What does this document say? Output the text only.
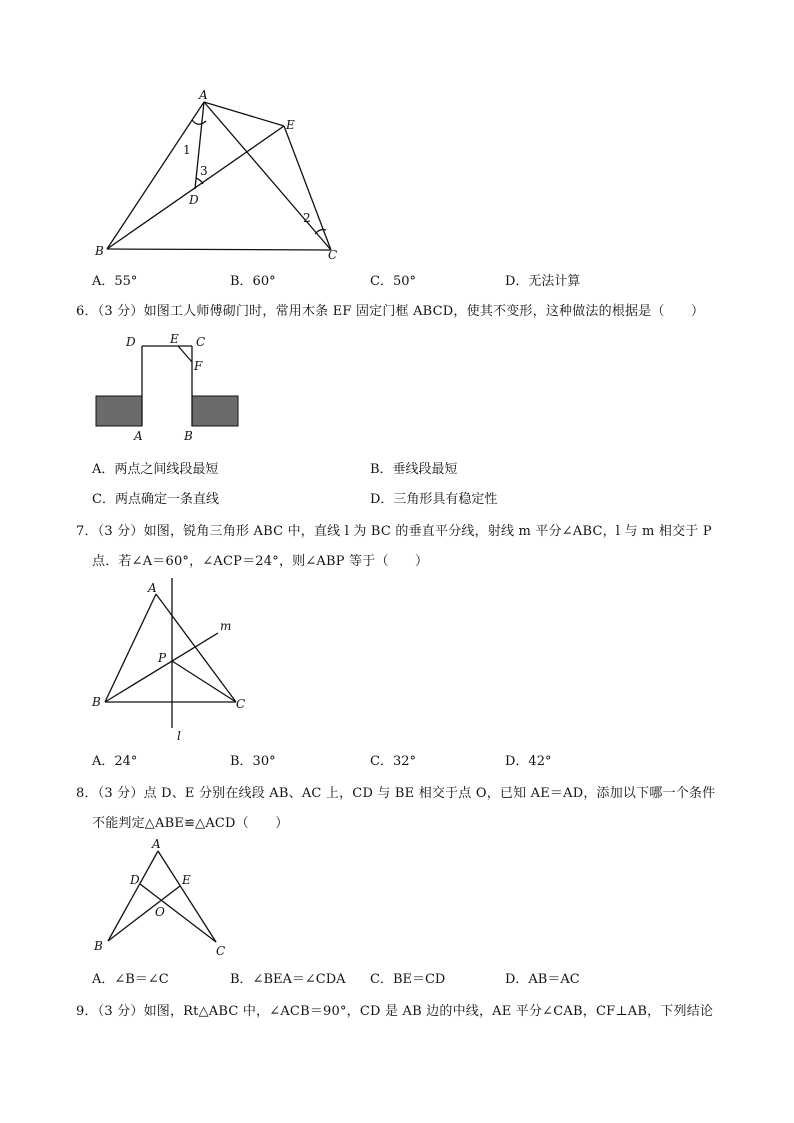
A
E
B	C
D
1
3
2
A．55°	B．60°	C．50°	D．无法计算
6．（3 分）如图工人师傅砌门时，常用木条 EF 固定门框 ABCD，使其不变形，这种做法的根据是（　　）
D	E C
F
A	B
A．两点之间线段最短	B．垂线段最短
C．两点确定一条直线	D．三角形具有稳定性
7．（3 分）如图，锐角三角形 ABC 中，直线 l 为 BC 的垂直平分线，射线 m 平分∠ABC，l 与 m 相交于 P
点．若∠A＝60°，∠ACP＝24°，则∠ABP 等于（　　）
A
m
P
B	C
l
A．24°	B．30°	C．32°	D．42°
8．（3 分）点 D、E 分别在线段 AB、AC 上，CD 与 BE 相交于点 O，已知 AE＝AD，添加以下哪一个条件
不能判定△ABE≌△ACD（　　）
A
D	E
O
B	C
A．∠B＝∠C	B．∠BEA＝∠CDA C．BE＝CD	D．AB＝AC
9．（3 分）如图，Rt△ABC 中，∠ACB＝90°，CD 是 AB 边的中线，AE 平分∠CAB，CF⊥AB，下列结论
